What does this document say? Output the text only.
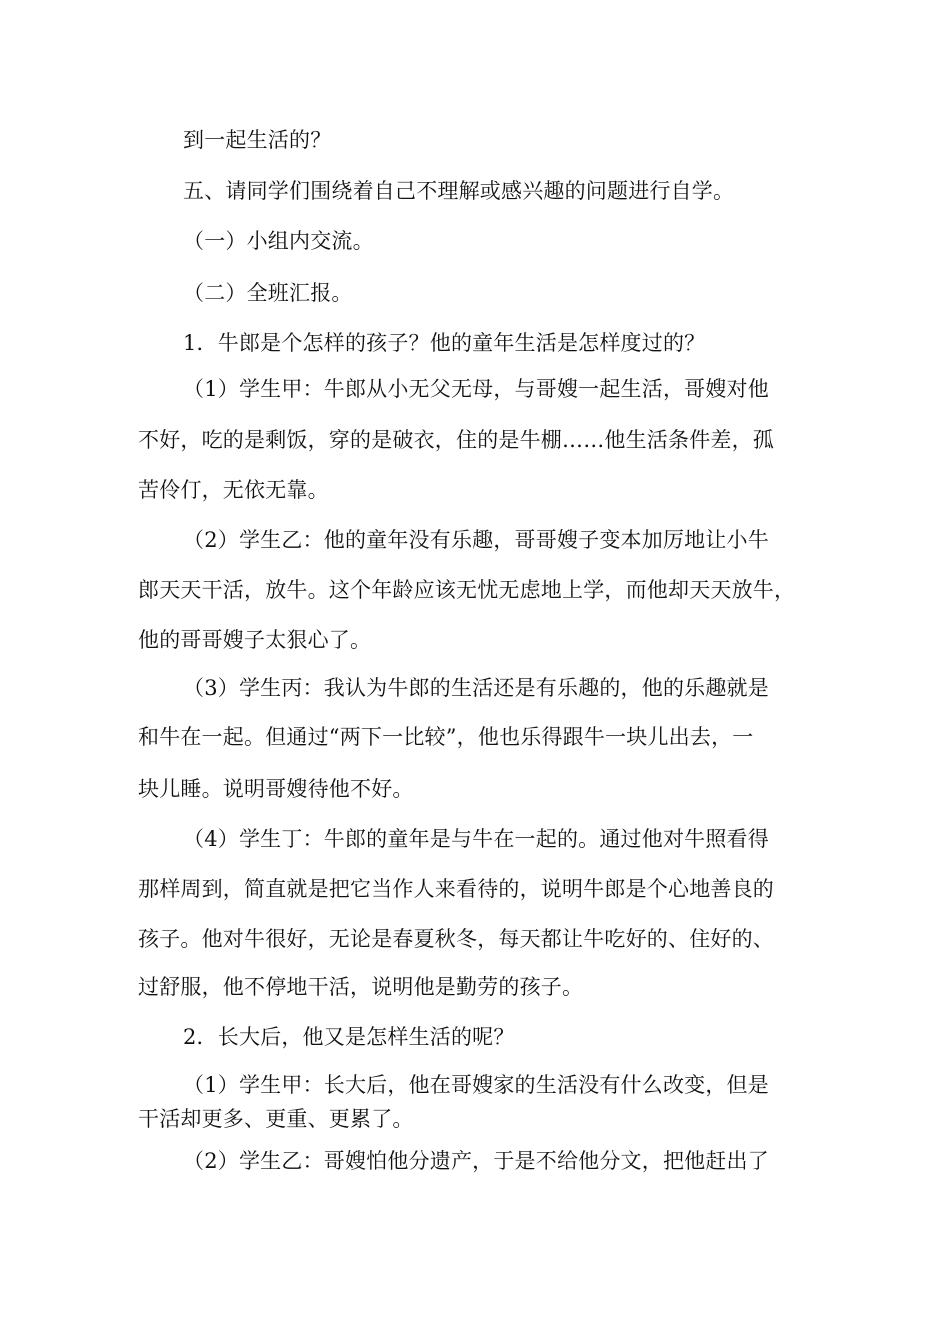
到一起生活的？
五、请同学们围绕着自己不理解或感兴趣的问题进行自学。
（一）小组内交流。
（二）全班汇报。
1．牛郎是个怎样的孩子？他的童年生活是怎样度过的？
（1）学生甲：牛郎从小无父无母，与哥嫂一起生活，哥嫂对他
不好，吃的是剩饭，穿的是破衣，住的是牛棚……他生活条件差，孤
苦伶仃，无依无靠。
（2）学生乙：他的童年没有乐趣，哥哥嫂子变本加厉地让小牛
郎天天干活，放牛。这个年龄应该无忧无虑地上学，而他却天天放牛，
他的哥哥嫂子太狠心了。
（3）学生丙：我认为牛郎的生活还是有乐趣的，他的乐趣就是
和牛在一起。但通过“两下一比较”，他也乐得跟牛一块儿出去，一
块儿睡。说明哥嫂待他不好。
（4）学生丁：牛郎的童年是与牛在一起的。通过他对牛照看得
那样周到，简直就是把它当作人来看待的，说明牛郎是个心地善良的
孩子。他对牛很好，无论是春夏秋冬，每天都让牛吃好的、住好的、
过舒服，他不停地干活，说明他是勤劳的孩子。
2．长大后，他又是怎样生活的呢？
（1）学生甲：长大后，他在哥嫂家的生活没有什么改变，但是
干活却更多、更重、更累了。
（2）学生乙：哥嫂怕他分遗产，于是不给他分文，把他赶出了
